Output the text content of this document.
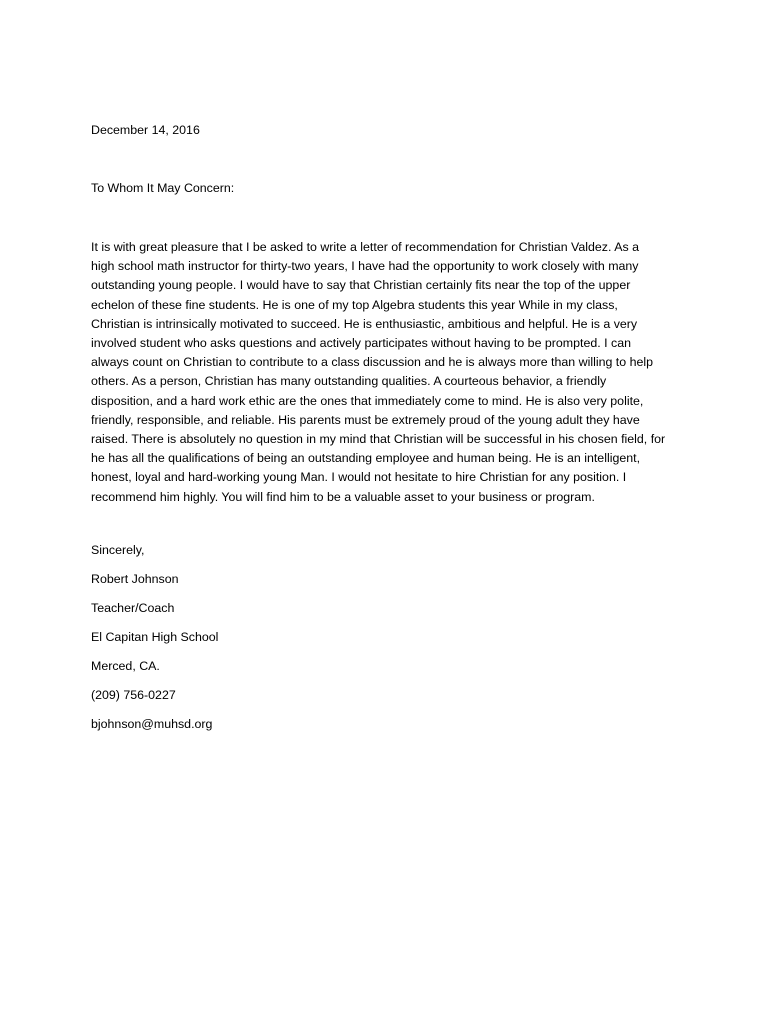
December 14, 2016
To Whom It May Concern:
It is with great pleasure that I be asked to write a letter of recommendation for Christian Valdez. As a
high school math instructor for thirty-two years, I have had the opportunity to work closely with many
outstanding young people. I would have to say that Christian certainly fits near the top of the upper
echelon of these fine students. He is one of my top Algebra students this year While in my class,
Christian is intrinsically motivated to succeed. He is enthusiastic, ambitious and helpful. He is a very
involved student who asks questions and actively participates without having to be prompted. I can
always count on Christian to contribute to a class discussion and he is always more than willing to help
others. As a person, Christian has many outstanding qualities. A courteous behavior, a friendly
disposition, and a hard work ethic are the ones that immediately come to mind. He is also very polite,
friendly, responsible, and reliable. His parents must be extremely proud of the young adult they have
raised. There is absolutely no question in my mind that Christian will be successful in his chosen field, for
he has all the qualifications of being an outstanding employee and human being. He is an intelligent,
honest, loyal and hard-working young Man. I would not hesitate to hire Christian for any position. I
recommend him highly. You will find him to be a valuable asset to your business or program.
Sincerely,
Robert Johnson
Teacher/Coach
El Capitan High School
Merced, CA.
(209) 756-0227
bjohnson@muhsd.org
